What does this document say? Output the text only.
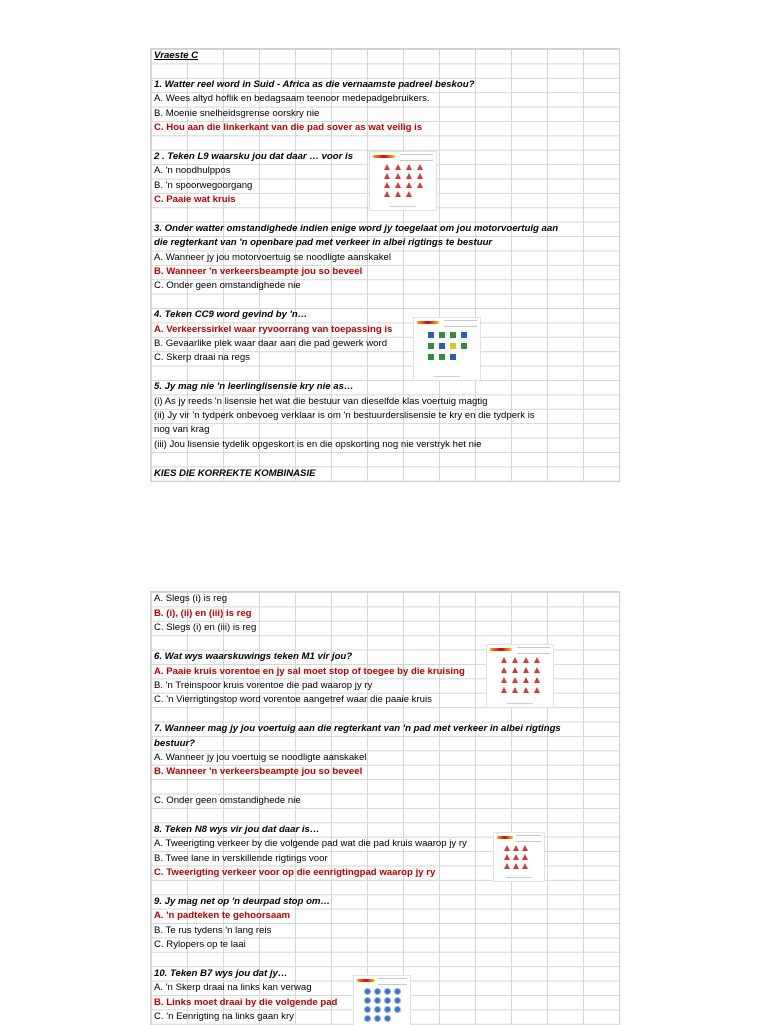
Vraeste C
1. Watter reel word in Suid - Africa as die vernaamste padreel beskou?
A. Wees altyd hoflik en bedagsaam teenoor medepadgebruikers.
B. Moenie snelheidsgrense oorskry nie
C. Hou aan die linkerkant van die pad sover as wat veilig is
2 . Teken L9 waarsku jou dat daar … voor is
A. 'n noodhulppos
B. 'n spoorwegoorgang
C. Paaie wat kruis
3. Onder watter omstandighede indien enige word jy toegelaat om jou motorvoertuig aan
die regterkant van 'n openbare pad met verkeer in albei rigtings te bestuur
A. Wanneer jy jou motorvoertuig se noodligte aanskakel
B. Wanneer 'n verkeersbeampte jou so beveel
C. Onder geen omstandighede nie
4. Teken CC9 word gevind by 'n…
A. Verkeerssirkel waar ryvoorrang van toepassing is
B. Gevaarlike plek waar daar aan die pad gewerk word
C. Skerp draai na regs
5. Jy mag nie 'n leerlinglisensie kry nie as…
(i) As jy reeds 'n lisensie het wat die bestuur van dieselfde klas voertuig magtig
(ii) Jy vir 'n tydperk onbevoeg verklaar is om 'n bestuurderslisensie te kry en die tydperk is
nog van krag
(iii) Jou lisensie tydelik opgeskort is en die opskorting nog nie verstryk het nie
KIES DIE KORREKTE KOMBINASIE
A. Slegs (i) is reg
B. (i), (ii) en (iii) is reg
C. Slegs (i) en (iii) is reg
6. Wat wys waarskuwings teken M1 vir jou?
A. Paaie kruis vorentoe en jy sal moet stop of toegee by die kruising
B. 'n Treinspoor kruis vorentoe die pad waarop jy ry
C. 'n Vierrigtingstop word vorentoe aangetref waar die paaie kruis
7. Wanneer mag jy jou voertuig aan die regterkant van 'n pad met verkeer in albei rigtings
bestuur?
A. Wanneer jy jou voertuig se noodligte aanskakel
B. Wanneer 'n verkeersbeampte jou so beveel
C. Onder geen omstandighede nie
8. Teken N8 wys vir jou dat daar is…
A. Tweerigting verkeer by die volgende pad wat die pad kruis waarop jy ry
B. Twee lane in verskillende rigtings voor
C. Tweerigting verkeer voor op die eenrigtingpad waarop jy ry
9. Jy mag net op 'n deurpad stop om…
A. 'n padteken te gehoorsaam
B. Te rus tydens 'n lang reis
C. Rylopers op te laai
10. Teken B7 wys jou dat jy…
A. 'n Skerp draai na links kan verwag
B. Links moet draai by die volgende pad
C. 'n Eenrigting na links gaan kry
